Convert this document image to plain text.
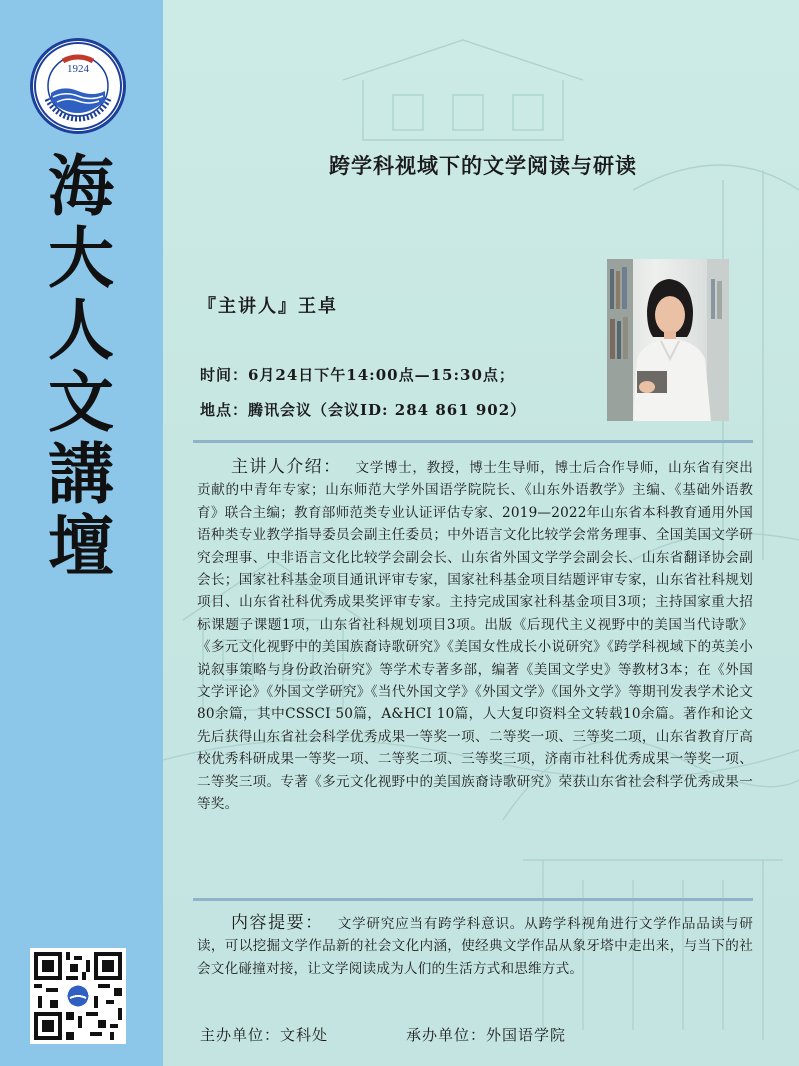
1924
海
大
人
文
講
壇
跨学科视域下的文学阅读与研读
『主讲人』王卓
时间：6月24日下午14:00点—15:30点；
地点：腾讯会议（会议ID: 284 861 902）
主讲人介绍： 文学博士，教授，博士生导师，博士后合作导师，山东省有突出贡献的中青年专家；山东师范大学外国语学院院长、《山东外语教学》主编、《基础外语教育》联合主编；教育部师范类专业认证评估专家、2019—2022年山东省本科教育通用外国语种类专业教学指导委员会副主任委员；中外语言文化比较学会常务理事、全国美国文学研究会理事、中非语言文化比较学会副会长、山东省外国文学学会副会长、山东省翻译协会副会长；国家社科基金项目通讯评审专家，国家社科基金项目结题评审专家，山东省社科规划项目、山东省社科优秀成果奖评审专家。主持完成国家社科基金项目3项；主持国家重大招标课题子课题1项，山东省社科规划项目3项。出版《后现代主义视野中的美国当代诗歌》《多元文化视野中的美国族裔诗歌研究》《美国女性成长小说研究》《跨学科视域下的英美小说叙事策略与身份政治研究》等学术专著多部，编著《美国文学史》等教材3本；在《外国文学评论》《外国文学研究》《当代外国文学》《外国文学》《国外文学》等期刊发表学术论文80余篇，其中CSSCI 50篇，A&HCI 10篇，人大复印资料全文转载10余篇。著作和论文先后获得山东省社会科学优秀成果一等奖一项、二等奖一项、三等奖二项，山东省教育厅高校优秀科研成果一等奖一项、二等奖二项、三等奖三项，济南市社科优秀成果一等奖一项、二等奖三项。专著《多元文化视野中的美国族裔诗歌研究》荣获山东省社会科学优秀成果一等奖。
内容提要： 文学研究应当有跨学科意识。从跨学科视角进行文学作品品读与研读，可以挖掘文学作品新的社会文化内涵，使经典文学作品从象牙塔中走出来，与当下的社会文化碰撞对接，让文学阅读成为人们的生活方式和思维方式。
主办单位：文科处	承办单位：外国语学院
